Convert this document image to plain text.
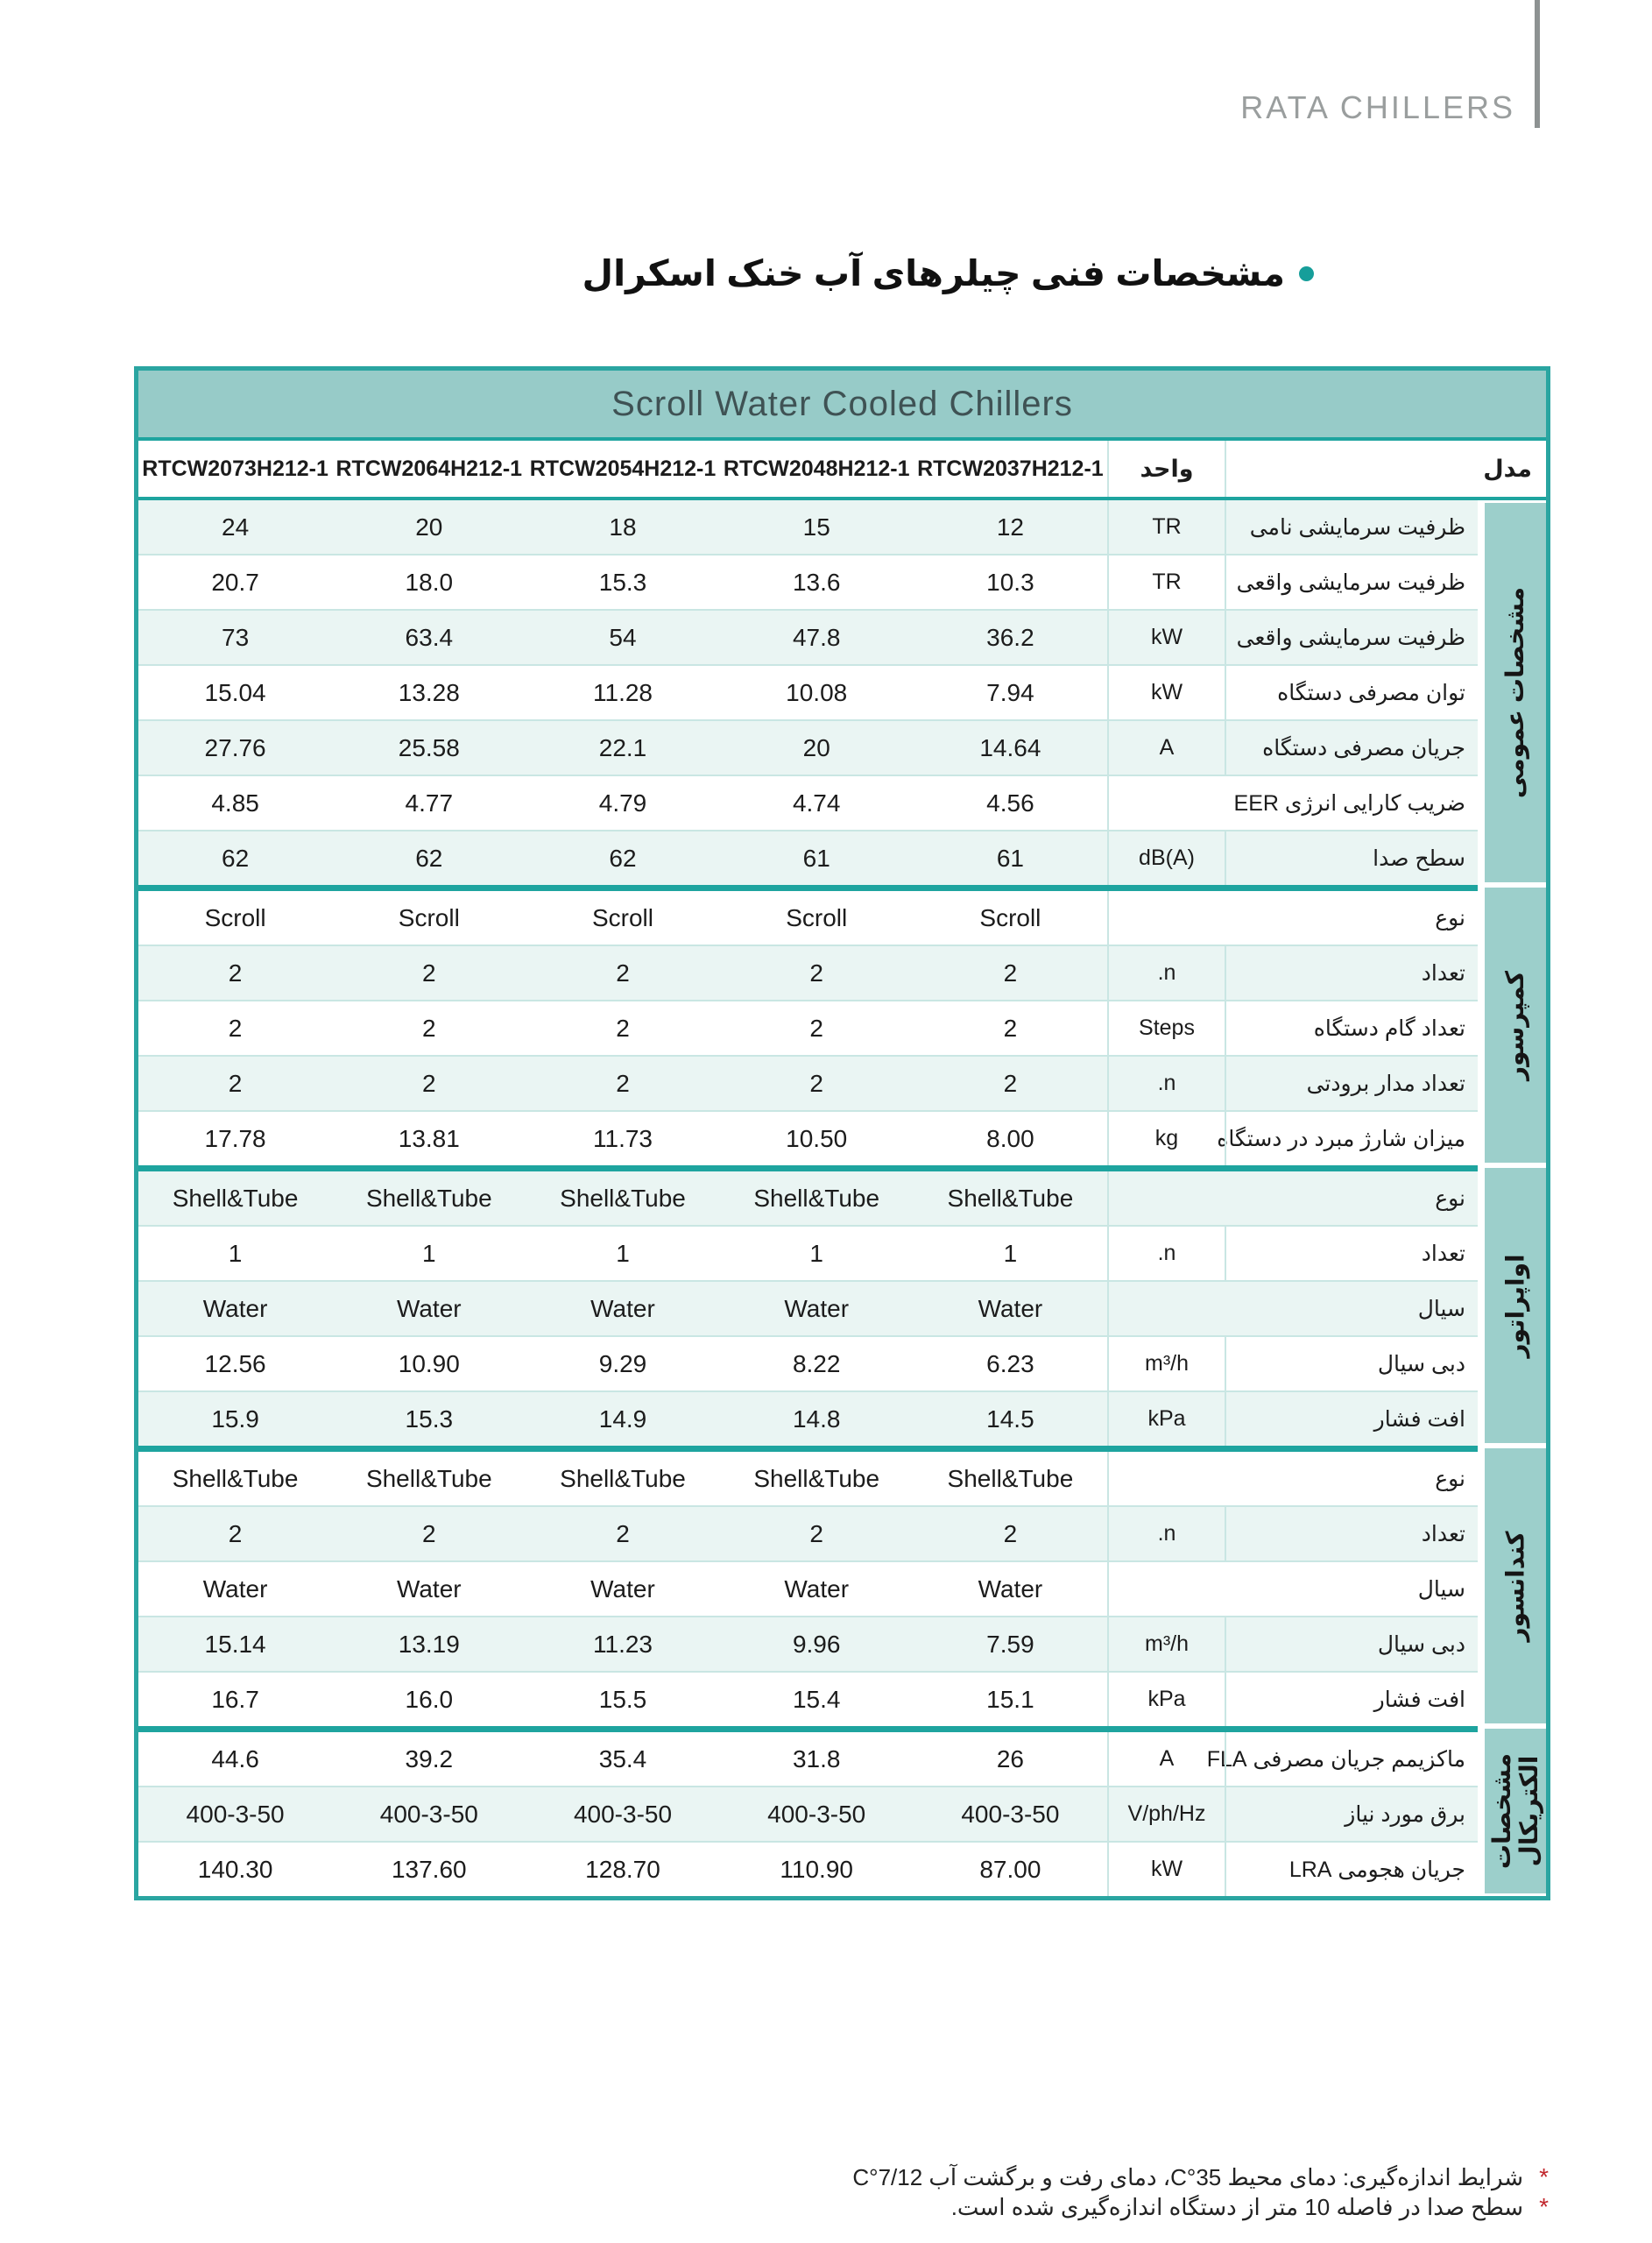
RATA CHILLERS
مشخصات فنی چیلرهای آب خنک اسکرال
Scroll Water Cooled Chillers
مدل
واحد
RTCW2037H212-1
RTCW2048H212-1
RTCW2054H212-1
RTCW2064H212-1
RTCW2073H212-1
ظرفیت سرمایشی نامی
TR
12
15
18
20
24
ظرفیت سرمایشی واقعی
TR
10.3
13.6
15.3
18.0
20.7
ظرفیت سرمایشی واقعی
kW
36.2
47.8
54
63.4
73
توان مصرفی دستگاه
kW
7.94
10.08
11.28
13.28
15.04
جریان مصرفی دستگاه
A
14.64
20
22.1
25.58
27.76
ضریب کارایی انرژی EER
4.56
4.74
4.79
4.77
4.85
سطح صدا
dB(A)
61
61
62
62
62
مشخصات عمومی
نوع
Scroll
Scroll
Scroll
Scroll
Scroll
تعداد
n.
2
2
2
2
2
تعداد گام دستگاه
Steps
2
2
2
2
2
تعداد مدار برودتی
n.
2
2
2
2
2
میزان شارژ مبرد در دستگاه
kg
8.00
10.50
11.73
13.81
17.78
کمپرسور
نوع
Shell&Tube
Shell&Tube
Shell&Tube
Shell&Tube
Shell&Tube
تعداد
n.
1
1
1
1
1
سیال
Water
Water
Water
Water
Water
دبی سیال
m³/h
6.23
8.22
9.29
10.90
12.56
افت فشار
kPa
14.5
14.8
14.9
15.3
15.9
اواپراتور
نوع
Shell&Tube
Shell&Tube
Shell&Tube
Shell&Tube
Shell&Tube
تعداد
n.
2
2
2
2
2
سیال
Water
Water
Water
Water
Water
دبی سیال
m³/h
7.59
9.96
11.23
13.19
15.14
افت فشار
kPa
15.1
15.4
15.5
16.0
16.7
کندانسور
ماکزیمم جریان مصرفی FLA
A
26
31.8
35.4
39.2
44.6
برق مورد نیاز
V/ph/Hz
400-3-50
400-3-50
400-3-50
400-3-50
400-3-50
جریان هجومی LRA
kW
87.00
110.90
128.70
137.60
140.30	مشخصات الکتریکال
*
شرایط اندازه‌گیری: دمای محیط 35°C، دمای رفت و برگشت آب 7/12°C
*
سطح صدا در فاصله 10 متر از دستگاه اندازه‌گیری شده است.
